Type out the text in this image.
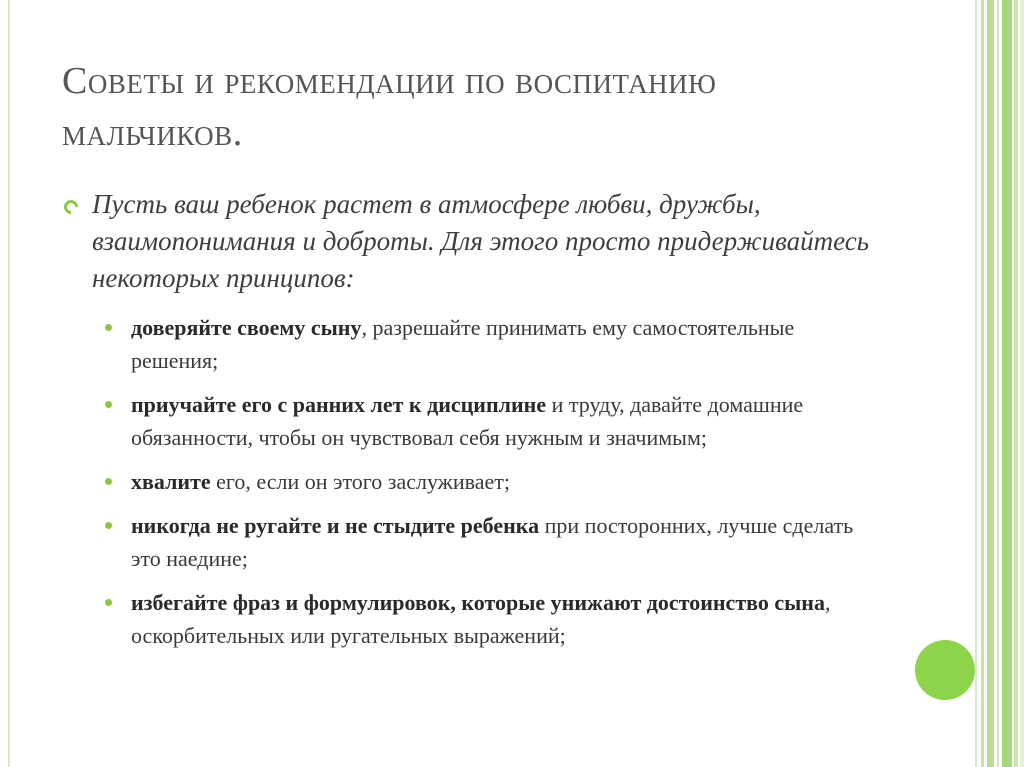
Советы и рекомендации по воспитанию мальчиков.
Пусть ваш ребенок растет в атмосфере любви, дружбы, взаимопонимания и доброты. Для этого просто придерживайтесь некоторых принципов:
доверяйте своему сыну, разрешайте принимать ему самостоятельные решения;
приучайте его с ранних лет к дисциплине и труду, давайте домашние обязанности, чтобы он чувствовал себя нужным и значимым;
хвалите его, если он этого заслуживает;
никогда не ругайте и не стыдите ребенка при посторонних, лучше сделать это наедине;
избегайте фраз и формулировок, которые унижают достоинство сына, оскорбительных или ругательных выражений;
